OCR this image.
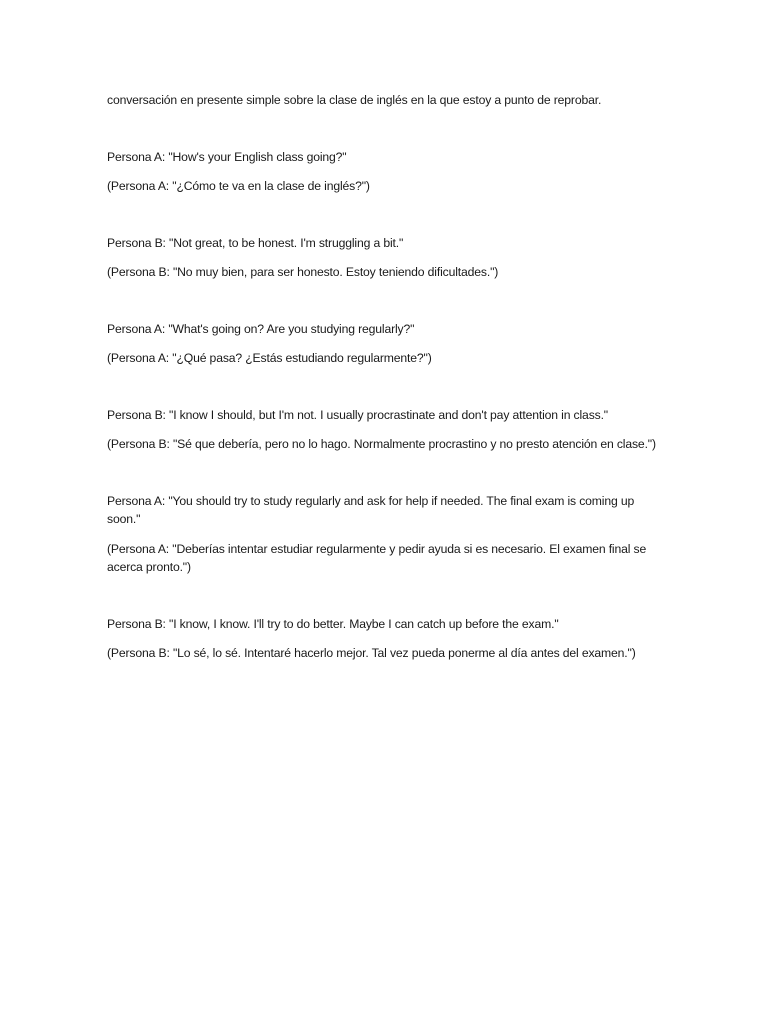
conversación en presente simple sobre la clase de inglés en la que estoy a punto de reprobar.

Persona A: "How's your English class going?"

(Persona A: "¿Cómo te va en la clase de inglés?")

Persona B: "Not great, to be honest. I'm struggling a bit."

(Persona B: "No muy bien, para ser honesto. Estoy teniendo dificultades.")

Persona A: "What's going on? Are you studying regularly?"

(Persona A: "¿Qué pasa? ¿Estás estudiando regularmente?")

Persona B: "I know I should, but I'm not. I usually procrastinate and don't pay attention in class."

(Persona B: "Sé que debería, pero no lo hago. Normalmente procrastino y no presto atención en clase.")

Persona A: "You should try to study regularly and ask for help if needed. The final exam is coming up soon."

(Persona A: "Deberías intentar estudiar regularmente y pedir ayuda si es necesario. El examen final se acerca pronto.")

Persona B: "I know, I know. I'll try to do better. Maybe I can catch up before the exam."

(Persona B: "Lo sé, lo sé. Intentaré hacerlo mejor. Tal vez pueda ponerme al día antes del examen.")
